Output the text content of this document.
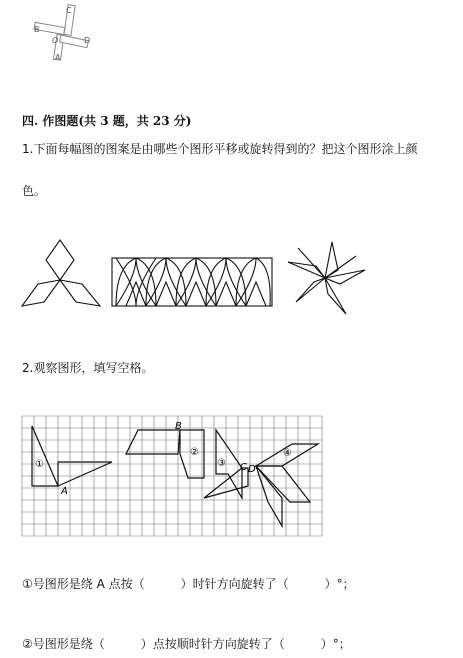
C
B
O	D
A
四. 作图题(共 3 题，共 23 分)
1.下面每幅图的图案是由哪些个图形平移或旋转得到的？把这个图形涂上颜
色。
2.观察图形，填写空格。
①
②
③
④
A
B
C D
①号图形是绕 A 点按（　　　）时针方向旋转了（　　　）°；
②号图形是绕（　　　）点按顺时针方向旋转了（　　　）°；
